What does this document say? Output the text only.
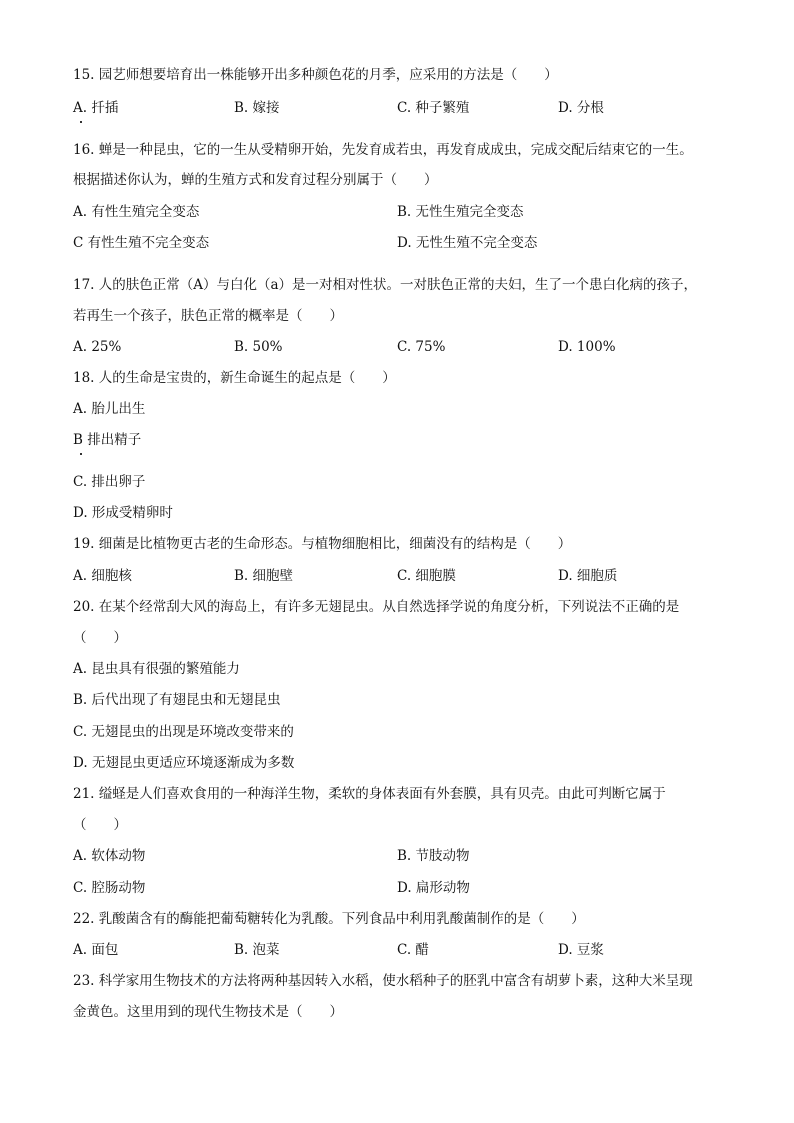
15. 园艺师想要培育出一株能够开出多种颜色花的月季，应采用的方法是（　　）
A. 扦插	B. 嫁接	C. 种子繁殖	D. 分根
16. 蝉是一种昆虫，它的一生从受精卵开始，先发育成若虫，再发育成成虫，完成交配后结束它的一生。
根据描述你认为，蝉的生殖方式和发育过程分别属于（　　）
A. 有性生殖完全变态	B. 无性生殖完全变态
C 有性生殖不完全变态	D. 无性生殖不完全变态
17. 人的肤色正常（A）与白化（a）是一对相对性状。一对肤色正常的夫妇，生了一个患白化病的孩子，
若再生一个孩子，肤色正常的概率是（　　）
A. 25%	B. 50%	C. 75%	D. 100%
18. 人的生命是宝贵的，新生命诞生的起点是（　　）
A. 胎儿出生
B 排出精子
C. 排出卵子
D. 形成受精卵时
19. 细菌是比植物更古老的生命形态。与植物细胞相比，细菌没有的结构是（　　）
A. 细胞核	B. 细胞壁	C. 细胞膜	D. 细胞质
20. 在某个经常刮大风的海岛上，有许多无翅昆虫。从自然选择学说的角度分析，下列说法不正确的是
（　　）
A. 昆虫具有很强的繁殖能力
B. 后代出现了有翅昆虫和无翅昆虫
C. 无翅昆虫的出现是环境改变带来的
D. 无翅昆虫更适应环境逐渐成为多数
21. 缢蛏是人们喜欢食用的一种海洋生物，柔软的身体表面有外套膜，具有贝壳。由此可判断它属于
（　　）
A. 软体动物	B. 节肢动物
C. 腔肠动物	D. 扁形动物
22. 乳酸菌含有的酶能把葡萄糖转化为乳酸。下列食品中利用乳酸菌制作的是（　　）
A. 面包	B. 泡菜	C. 醋	D. 豆浆
23. 科学家用生物技术的方法将两种基因转入水稻，使水稻种子的胚乳中富含有胡萝卜素，这种大米呈现
金黄色。这里用到的现代生物技术是（　　）
